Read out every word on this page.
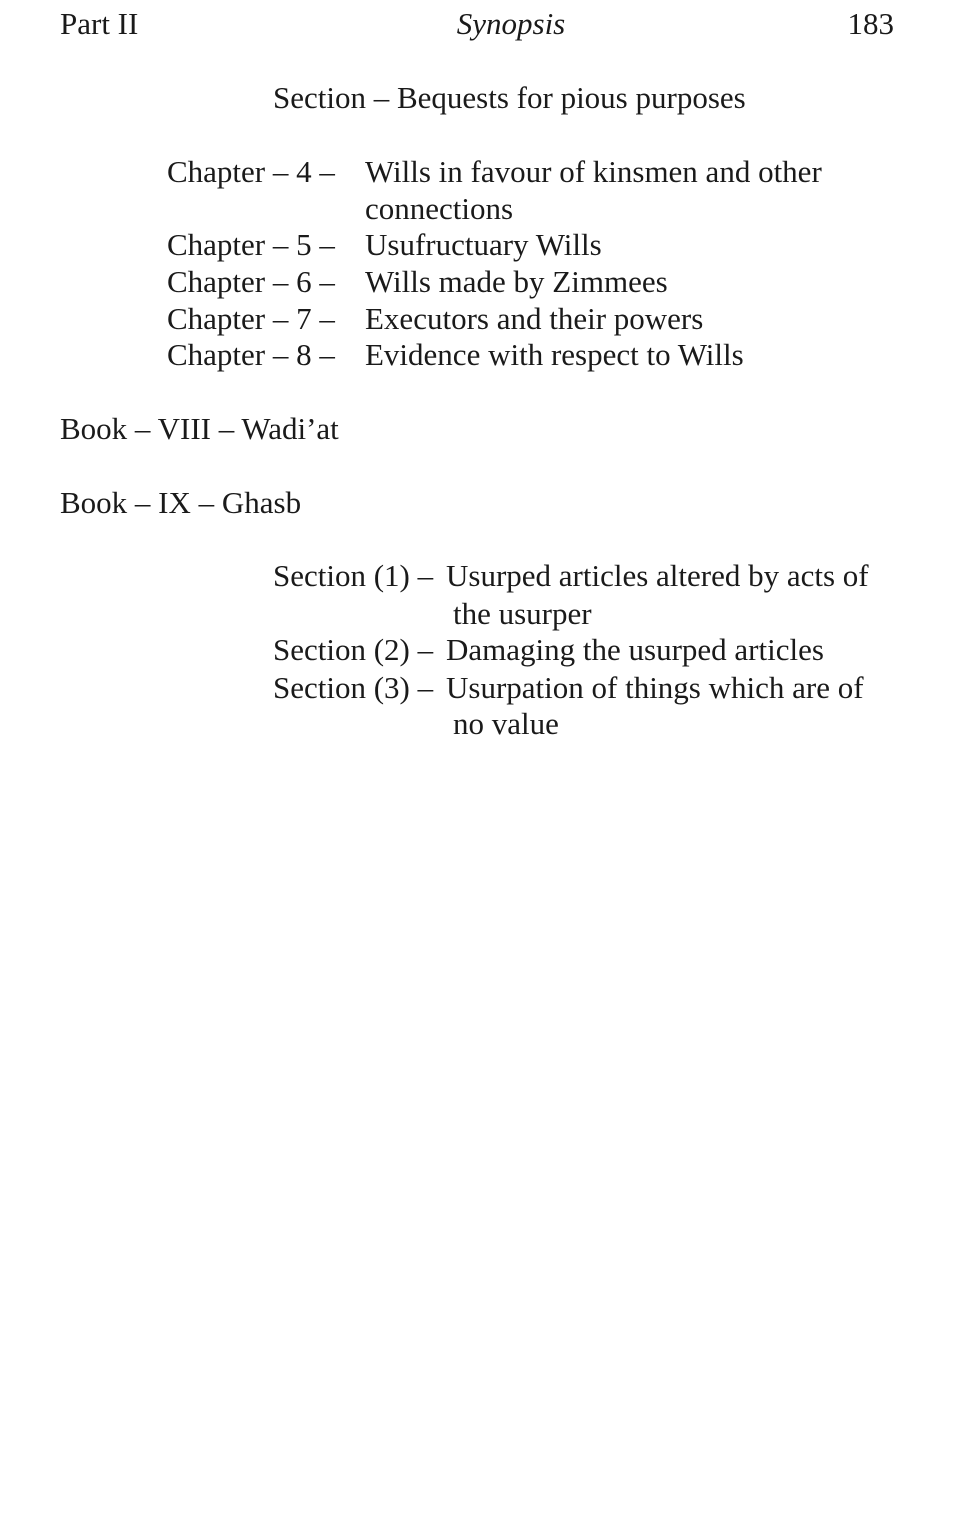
Part II	Synopsis	183
Section – Bequests for pious purposes
Chapter – 4 – Wills in favour of kinsmen and other
connections
Chapter – 5 – Usufructuary Wills
Chapter – 6 – Wills made by Zimmees
Chapter – 7 – Executors and their powers
Chapter – 8 – Evidence with respect to Wills
Book – VIII – Wadi’at
Book – IX – Ghasb
Section (1) – Usurped articles altered by acts of
the usurper
Section (2) – Damaging the usurped articles
Section (3) – Usurpation of things which are of
no value
